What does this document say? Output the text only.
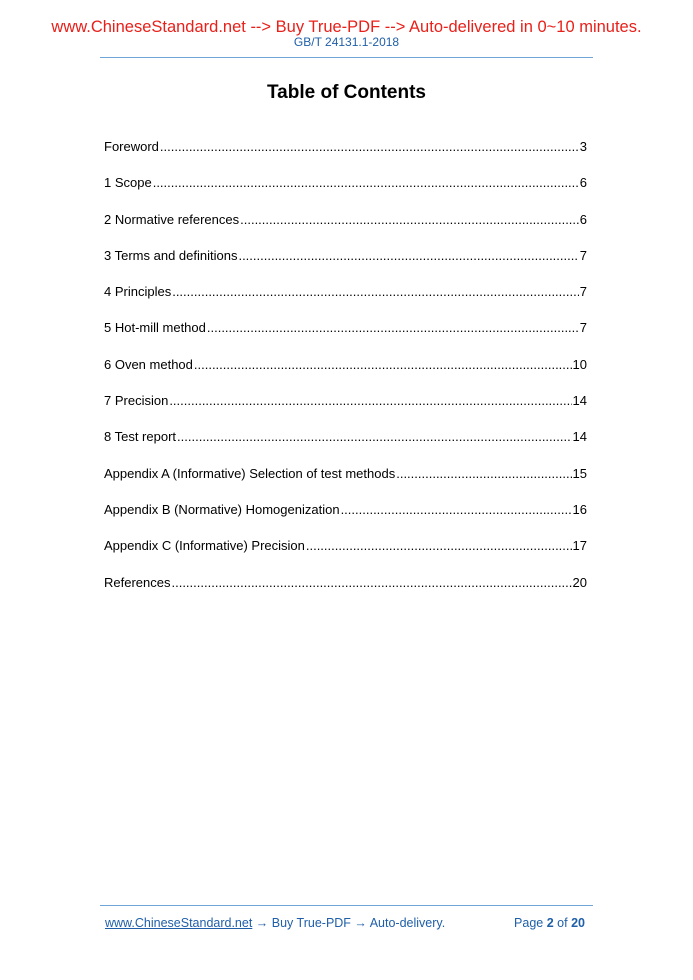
www.ChineseStandard.net --> Buy True-PDF --> Auto-delivered in 0~10 minutes.
GB/T 24131.1-2018
Table of Contents
Foreword .....	3
1 Scope .....	6
2 Normative references .....	6
3 Terms and definitions .....	7
4 Principles .....	7
5 Hot-mill method .....	7
6 Oven method .....	10
7 Precision .....	14
8 Test report .....	14
Appendix A (Informative) Selection of test methods .....	15
Appendix B (Normative) Homogenization .....	16
Appendix C (Informative) Precision .....	17
References .....	20
www.ChineseStandard.net → Buy True-PDF → Auto-delivery.	Page 2 of 20
